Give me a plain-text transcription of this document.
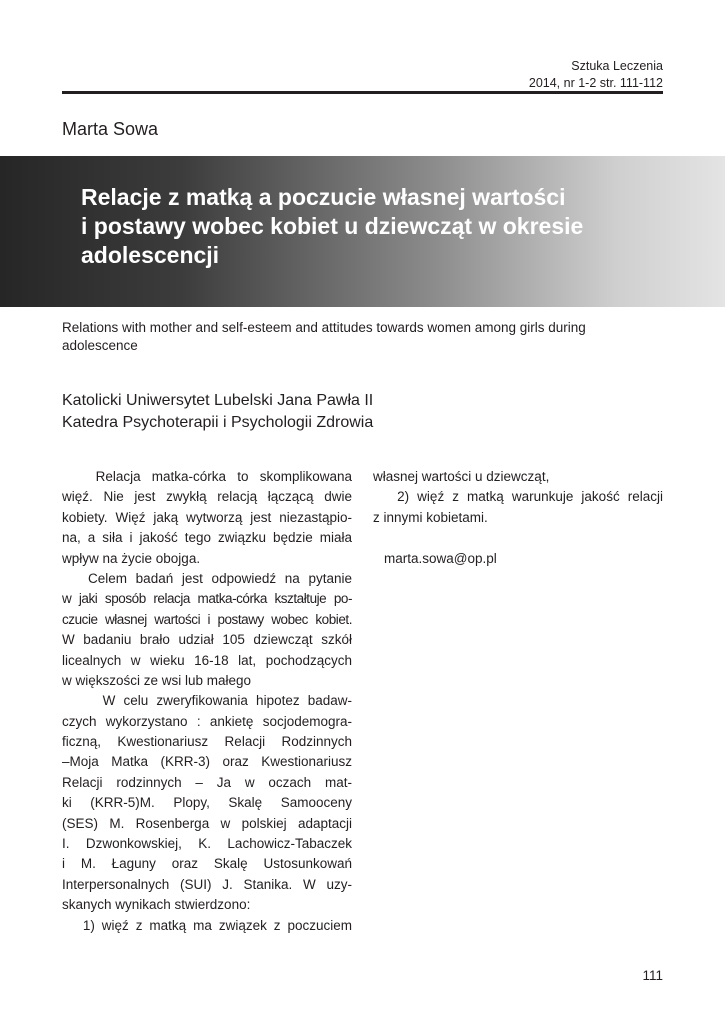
Sztuka Leczenia
2014, nr 1-2 str. 111-112
Marta Sowa
Relacje z matką a poczucie własnej wartości
i postawy wobec kobiet u dziewcząt w okresie
adolescencji
Relations with mother and self-esteem and attitudes towards women among girls during
adolescence
Katolicki Uniwersytet Lubelski Jana Pawła II
Katedra Psychoterapii i Psychologii Zdrowia
Relacja matka-córka to skomplikowana
więź. Nie jest zwykłą relacją łączącą dwie
kobiety. Więź jaką wytworzą jest niezastąpio-
na, a siła i jakość tego związku będzie miała
wpływ na życie obojga.
Celem badań jest odpowiedź na pytanie
w jaki sposób relacja matka-córka kształtuje po-
czucie własnej wartości i postawy wobec kobiet.
W badaniu brało udział 105 dziewcząt szkół
licealnych w wieku 16-18 lat, pochodzących
w większości ze wsi lub małego
W celu zweryfikowania hipotez badaw-
czych wykorzystano : ankietę socjodemogra-
ficzną, Kwestionariusz Relacji Rodzinnych
–Moja Matka (KRR-3) oraz Kwestionariusz
Relacji rodzinnych – Ja w oczach mat-
ki (KRR-5)M. Plopy, Skalę Samooceny
(SES) M. Rosenberga w polskiej adaptacji
I. Dzwonkowskiej, K. Lachowicz-Tabaczek
i M. Łaguny oraz Skalę Ustosunkowań
Interpersonalnych (SUI) J. Stanika. W uzy-
skanych wynikach stwierdzono:
1) więź z matką ma związek z poczuciem
własnej wartości u dziewcząt,
2) więź z matką warunkuje jakość relacji
z innymi kobietami.
marta.sowa@op.pl
111
